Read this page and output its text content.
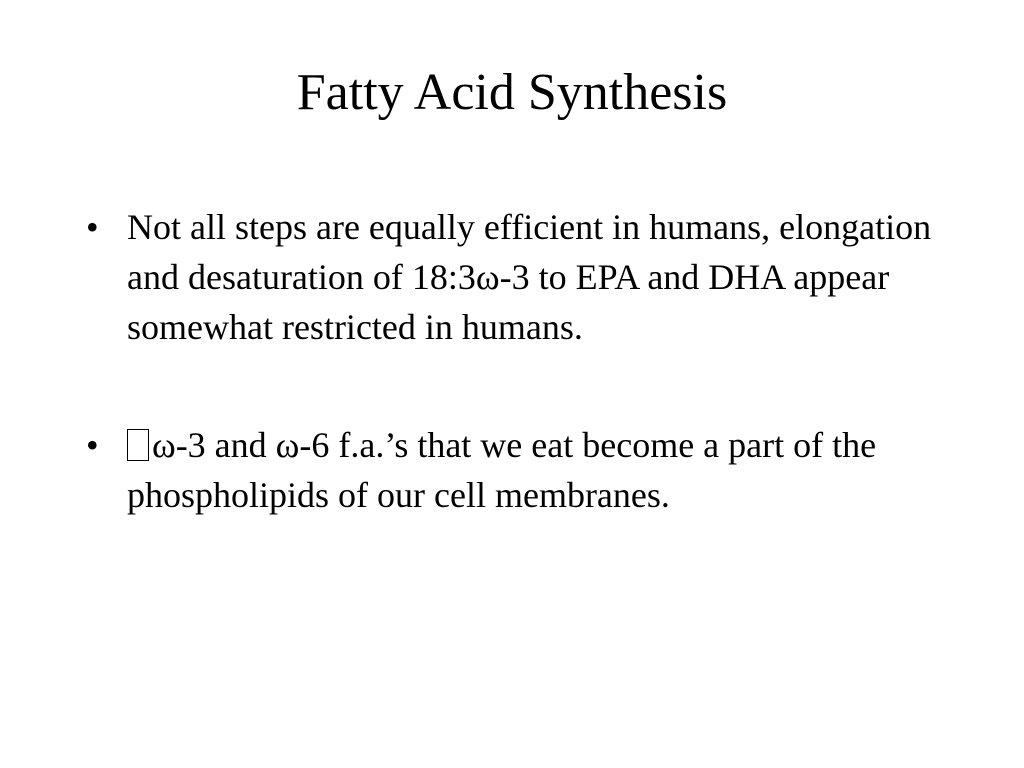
Fatty Acid Synthesis
• Not all steps are equally efficient in humans, elongation and desaturation of 18:3ω-3 to EPA and DHA appear somewhat restricted in humans.
•	ω-3 and ω-6 f.a.’s that we eat become a part of the phospholipids of our cell membranes.
